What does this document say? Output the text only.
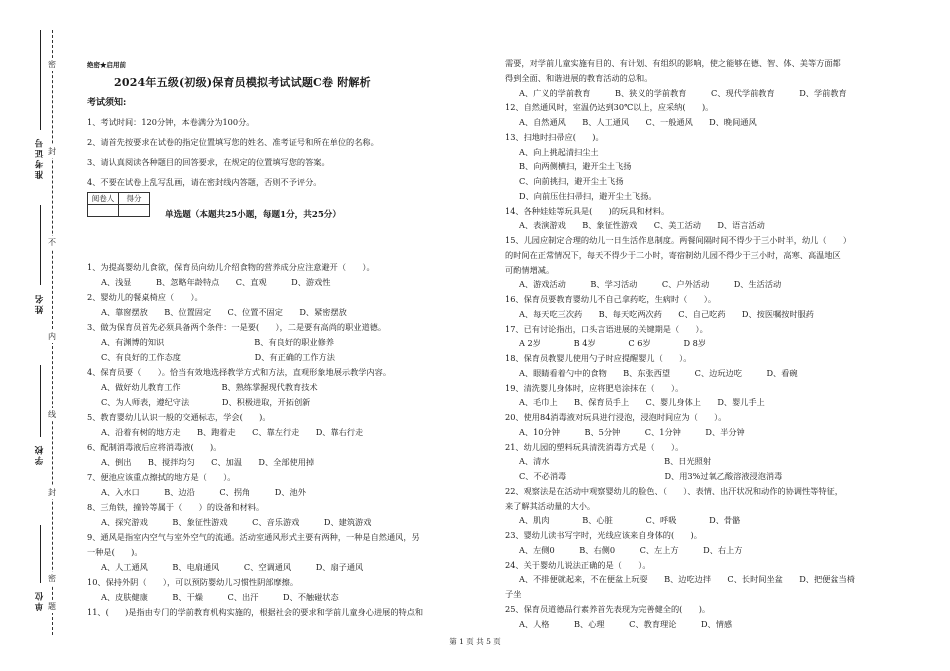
准考证号
姓名
学校
单位
密
封
不
内
线
封
密
题
绝密★启用前
2024年五级(初级)保育员模拟考试试题C卷 附解析
考试须知:
1、考试时间：120分钟，本卷满分为100分。
2、请首先按要求在试卷的指定位置填写您的姓名、准考证号和所在单位的名称。
3、请认真阅读各种题目的回答要求，在规定的位置填写您的答案。
4、不要在试卷上乱写乱画，请在密封线内答题，否则不予评分。
阅卷人	得分

单选题（本题共25小题，每题1分，共25分）
1、为提高婴幼儿食欲，保育员向幼儿介绍食物的营养成分应注意避开（　　）。
A、浅显　　　B、忽略年龄特点　　C、直观　　　D、游戏性
2、婴幼儿的餐桌椅应（　　）。
A、靠窗摆放　　B、位置固定　　C、位置不固定　　D、紧密摆放
3、做为保育员首先必须具备两个条件：一是要(　　），二是要有高尚的职业道德。
A、有渊博的知识　　　　　　　　　　　B、有良好的职业修养
C、有良好的工作态度　　　　　　　　　D、有正确的工作方法
4、保育员要（　　）。恰当有效地选择教学方式和方法，直观形象地展示教学内容。
A、做好幼儿教育工作　　　　　B、熟练掌握现代教育技术
C、为人师表，遵纪守法　　　　D、积极进取，开拓创新
5、教育婴幼儿认识一般的交通标志，学会(　　)。
A、沿着有树的地方走　　B、跑着走　　C、靠左行走　　D、靠右行走
6、配制消毒液后应将消毒液(　　)。
A、倒出　　B、搅拌均匀　　C、加温　　D、全部使用掉
7、便池应该重点擦拭的地方是（　　）。
A、入水口　　　B、边沿　　　C、拐角　　　D、池外
8、三角铁，撞铃等属于（　　）的设备和材料。
A、探究游戏　　　B、象征性游戏　　　C、音乐游戏　　　D、建筑游戏
9、通风是指室内空气与室外空气的流通。活动室通风形式主要有两种，一种是自然通风，另
一种是(　　)。
A、人工通风　　　B、电扇通风　　　C、空调通风　　　D、扇子通风
10、保持外阴（　　），可以预防婴幼儿习惯性阴部摩擦。
A、皮肤健康　　　B、干燥　　　C、出汗　　　D、不触碰状态
11、(　　)是指由专门的学前教育机构实施的，根据社会的要求和学前儿童身心进展的特点和
需要，对学前儿童实施有目的、有计划、有组织的影响，使之能够在德、智、体、美等方面都
得到全面、和谐进展的教育活动的总和。
A、广义的学前教育　　　B、狭义的学前教育　　　C、现代学前教育　　　D、学前教育
12、自然通风时，室温仍达到30℃以上，应采纳(　　)。
A、自然通风　　B、人工通风　　C、一般通风　　D、晚间通风
13、扫地时扫帚应(　　)。
A、向上挑起清扫尘土
B、向两侧横扫，避开尘土飞扬
C、向前挑扫，避开尘土飞扬
D、向前压住扫帚扫，避开尘土飞扬。
14、各种娃娃等玩具是(　　)的玩具和材料。
A、表演游戏　　B、象征性游戏　　C、美工活动　　D、语言活动
15、儿园应制定合理的幼儿一日生活作息制度。两餐间隔时间不得少于三小时半，幼儿（　　）
的时间在正常情况下，每天不得少于二小时，寄宿制幼儿园不得少于三小时，高寒、高温地区
可酌情增减。
A、游戏活动　　　B、学习活动　　　C、户外活动　　　D、生活活动
16、保育员要教育婴幼儿不自己拿药吃，生病时（　　）。
A、每天吃三次药　　B、每天吃两次药　　C、自己吃药　　D、按医嘱按时服药
17、已有讨论指出，口头言语进展的关键期是（　　）。
A 2岁　　　　B 4岁　　　　C 6岁　　　　D 8岁
18、保育员教婴儿使用勺子时应提醒婴儿（　　）。
A、眼睛看着勺中的食物　　B、东张西望　　　C、边玩边吃　　　D、看碗
19、清洗婴儿身体时，应将肥皂涂抹在（　　）。
A、毛巾上　　B、保育员手上　　C、婴儿身体上　　D、婴儿手上
20、使用84消毒液对玩具进行浸泡，浸泡时间应为（　　）。
A、10分钟　　　B、5分钟　　　C、1分钟　　　D、半分钟
21、幼儿园的塑料玩具清洗消毒方式是（　　）。
A、清水　　　　　　　　　　　　　　B、日光照射
C、不必消毒　　　　　　　　　　　　D、用3%过氧乙酸溶液浸泡消毒
22、观察法是在活动中观察婴幼儿的脸色、（　　）、表情、出汗状况和动作的协调性等特征，
来了解其活动量的大小。
A、肌肉　　　　B、心脏　　　　C、呼吸　　　　D、骨骼
23、婴幼儿读书写字时，光线应该来自身体的(　　)。
A、左侧0　　　B、右侧0　　　C、左上方　　　D、右上方
24、关于婴幼儿说法正确的是（　　）。
A、不排便就起来，不在便盆上玩耍　　B、边吃边拌　　C、长时间坐盆　　D、把便盆当椅
子坐
25、保育员道德品行素养首先表现为完善健全的(　　)。
A、人格　　　B、心理　　　C、教育理论　　　D、情感
第 1 页 共 5 页
